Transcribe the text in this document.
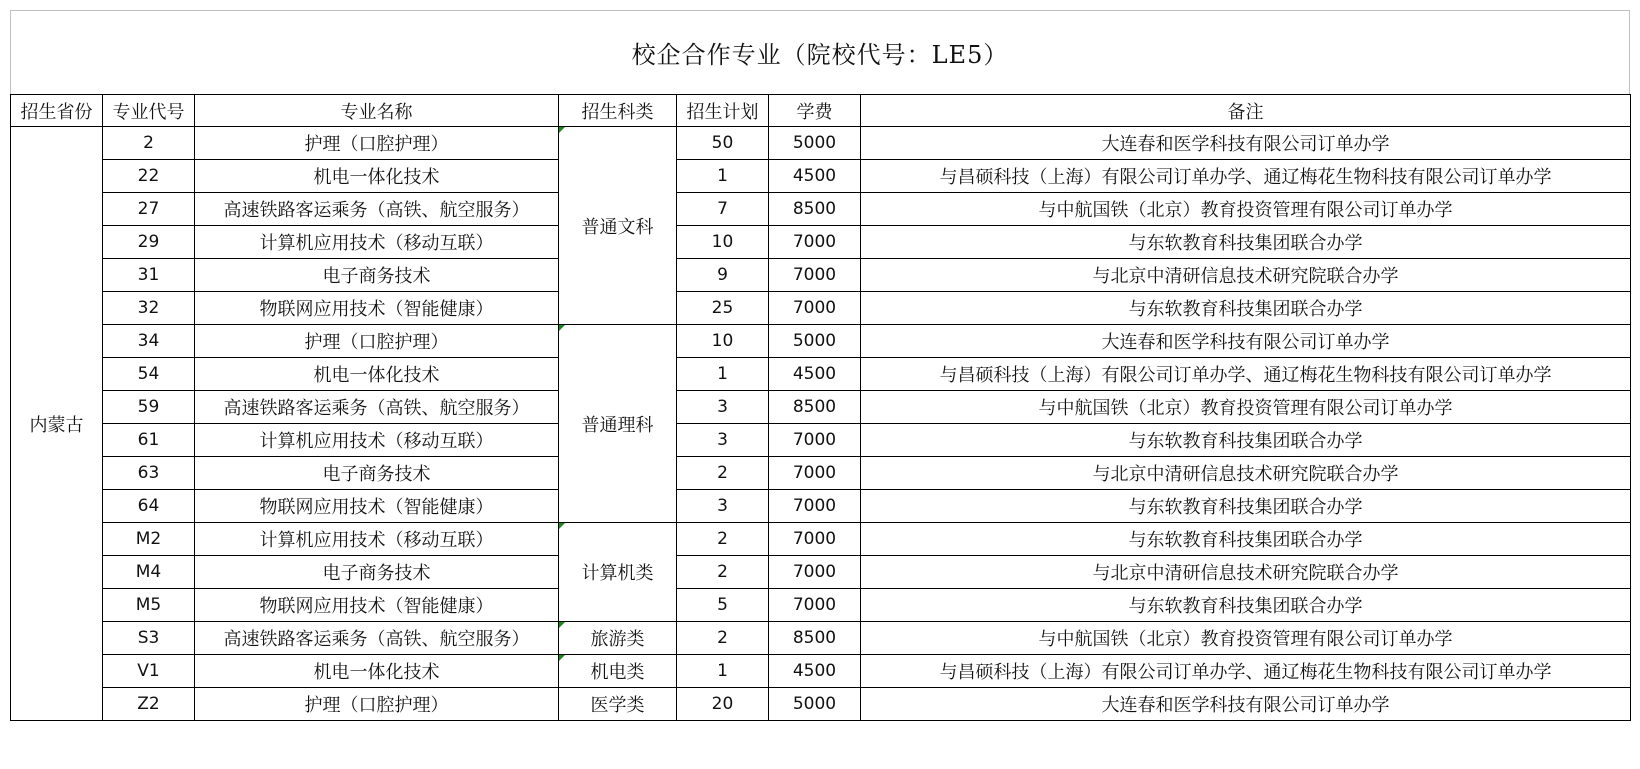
校企合作专业（院校代号：LE5）
招生省份	专业代号	专业名称	招生科类	招生计划	学费	备注
内蒙古	2	护理（口腔护理）	普通文科	50	5000	大连春和医学科技有限公司订单办学
	22	机电一体化技术		1	4500	与昌硕科技（上海）有限公司订单办学、通辽梅花生物科技有限公司订单办学
	27	高速铁路客运乘务（高铁、航空服务）		7	8500	与中航国铁（北京）教育投资管理有限公司订单办学
	29	计算机应用技术（移动互联）		10	7000	与东软教育科技集团联合办学
	31	电子商务技术		9	7000	与北京中清研信息技术研究院联合办学
	32	物联网应用技术（智能健康）		25	7000	与东软教育科技集团联合办学
	34	护理（口腔护理）	普通理科	10	5000	大连春和医学科技有限公司订单办学
	54	机电一体化技术		1	4500	与昌硕科技（上海）有限公司订单办学、通辽梅花生物科技有限公司订单办学
	59	高速铁路客运乘务（高铁、航空服务）		3	8500	与中航国铁（北京）教育投资管理有限公司订单办学
	61	计算机应用技术（移动互联）		3	7000	与东软教育科技集团联合办学
	63	电子商务技术		2	7000	与北京中清研信息技术研究院联合办学
	64	物联网应用技术（智能健康）		3	7000	与东软教育科技集团联合办学
	M2	计算机应用技术（移动互联）	计算机类	2	7000	与东软教育科技集团联合办学
	M4	电子商务技术		2	7000	与北京中清研信息技术研究院联合办学
	M5	物联网应用技术（智能健康）		5	7000	与东软教育科技集团联合办学
	S3	高速铁路客运乘务（高铁、航空服务）	旅游类	2	8500	与中航国铁（北京）教育投资管理有限公司订单办学
	V1	机电一体化技术	机电类	1	4500	与昌硕科技（上海）有限公司订单办学、通辽梅花生物科技有限公司订单办学
	Z2	护理（口腔护理）	医学类	20	5000	大连春和医学科技有限公司订单办学
